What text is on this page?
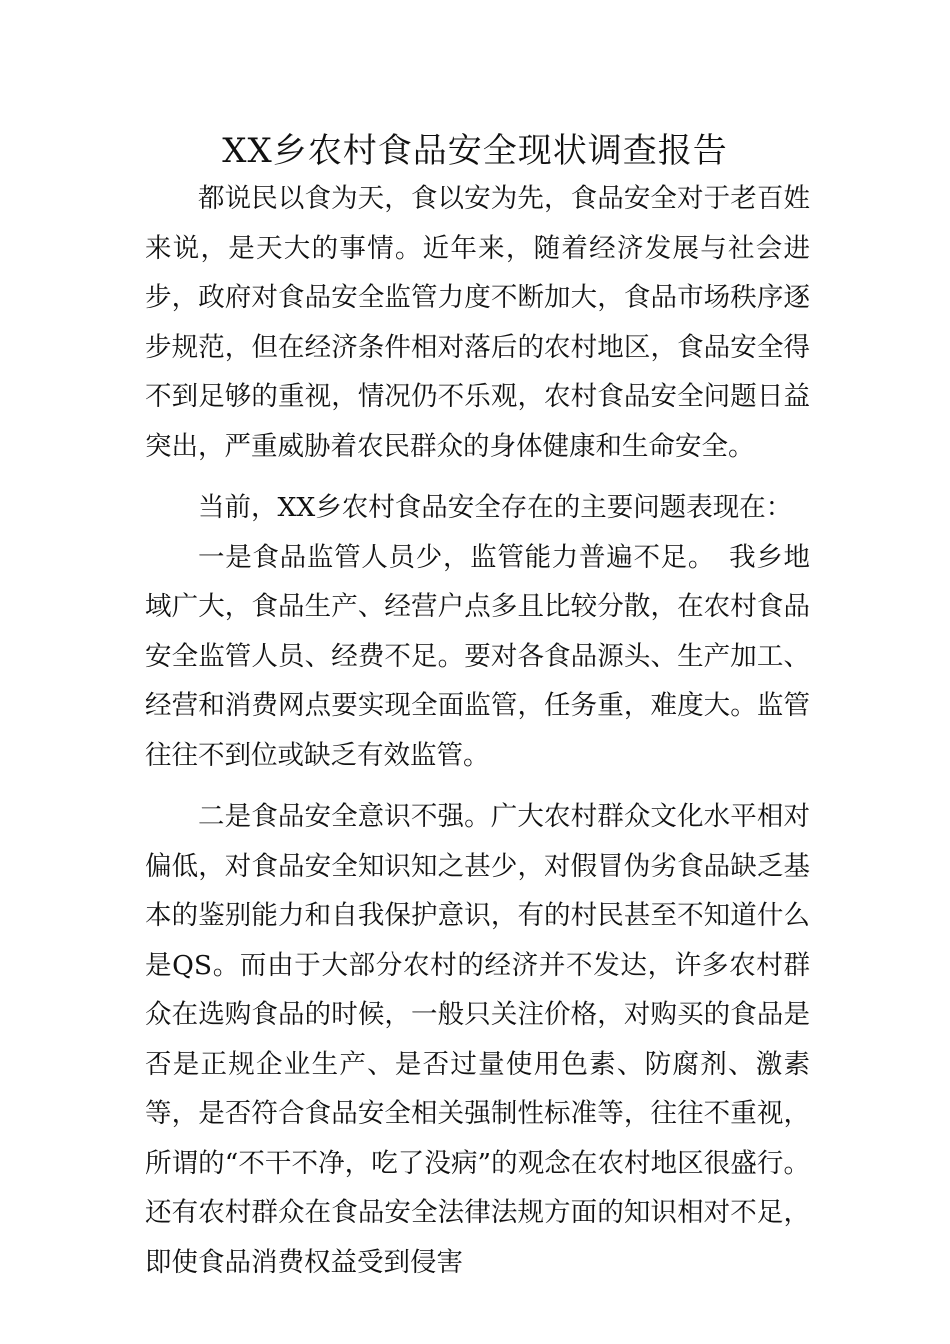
XX乡农村食品安全现状调查报告

都说民以食为天，食以安为先，食品安全对于老百姓来说，是天大的事情。近年来，随着经济发展与社会进步，政府对食品安全监管力度不断加大，食品市场秩序逐步规范，但在经济条件相对落后的农村地区，食品安全得不到足够的重视，情况仍不乐观，农村食品安全问题日益突出，严重威胁着农民群众的身体健康和生命安全。

当前，XX乡农村食品安全存在的主要问题表现在：

一是食品监管人员少，监管能力普遍不足。　我乡地域广大，食品生产、经营户点多且比较分散，在农村食品安全监管人员、经费不足。要对各食品源头、生产加工、经营和消费网点要实现全面监管，任务重，难度大。监管往往不到位或缺乏有效监管。

二是食品安全意识不强。广大农村群众文化水平相对偏低，对食品安全知识知之甚少，对假冒伪劣食品缺乏基本的鉴别能力和自我保护意识，有的村民甚至不知道什么是QS。而由于大部分农村的经济并不发达，许多农村群众在选购食品的时候，一般只关注价格，对购买的食品是否是正规企业生产、是否过量使用色素、防腐剂、激素等，是否符合食品安全相关强制性标准等，往往不重视，所谓的“不干不净，吃了没病”的观念在农村地区很盛行。还有农村群众在食品安全法律法规方面的知识相对不足，即使食品消费权益受到侵害
